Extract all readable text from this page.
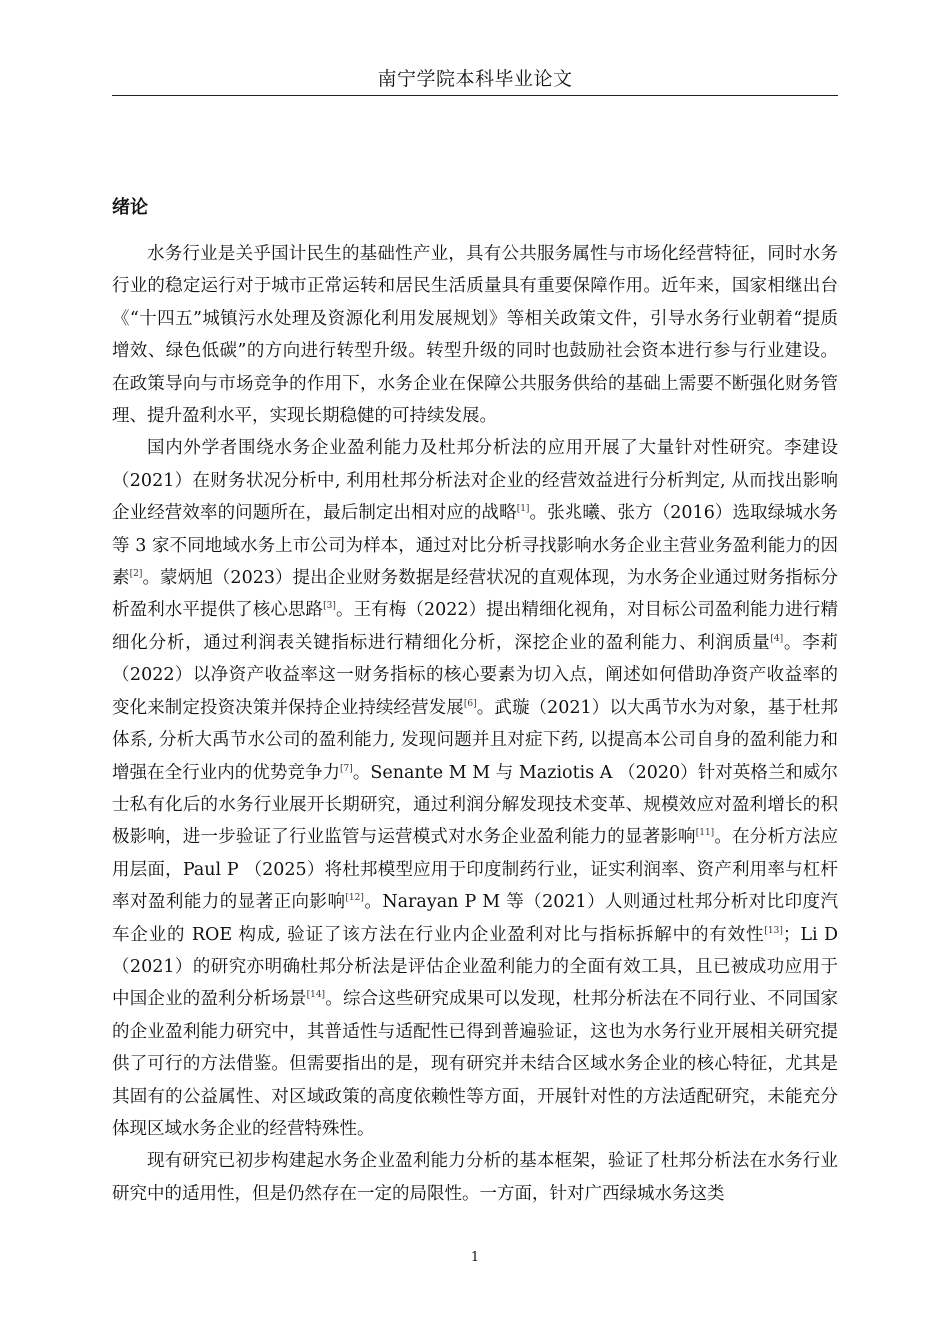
南宁学院本科毕业论文
绪论

水务行业是关乎国计民生的基础性产业，具有公共服务属性与市场化经营特征，同时水务行业的稳定运行对于城市正常运转和居民生活质量具有重要保障作用。近年来，国家相继出台《“十四五”城镇污水处理及资源化利用发展规划》等相关政策文件，引导水务行业朝着“提质增效、绿色低碳”的方向进行转型升级。转型升级的同时也鼓励社会资本进行参与行业建设。在政策导向与市场竞争的作用下，水务企业在保障公共服务供给的基础上需要不断强化财务管理、提升盈利水平，实现长期稳健的可持续发展。

国内外学者围绕水务企业盈利能力及杜邦分析法的应用开展了大量针对性研究。李建设（2021）在财务状况分析中, 利用杜邦分析法对企业的经营效益进行分析判定, 从而找出影响企业经营效率的问题所在，最后制定出相对应的战略[1]。张兆曦、张方（2016）选取绿城水务等 3 家不同地域水务上市公司为样本，通过对比分析寻找影响水务企业主营业务盈利能力的因素[2]。蒙炳旭（2023）提出企业财务数据是经营状况的直观体现，为水务企业通过财务指标分析盈利水平提供了核心思路[3]。王有梅（2022）提出精细化视角，对目标公司盈利能力进行精细化分析，通过利润表关键指标进行精细化分析，深挖企业的盈利能力、利润质量[4]。李莉（2022）以净资产收益率这一财务指标的核心要素为切入点，阐述如何借助净资产收益率的变化来制定投资决策并保持企业持续经营发展[6]。武璇（2021）以大禹节水为对象，基于杜邦体系, 分析大禹节水公司的盈利能力, 发现问题并且对症下药, 以提高本公司自身的盈利能力和增强在全行业内的优势竞争力[7]。Senante M M 与 Maziotis A （2020）针对英格兰和威尔士私有化后的水务行业展开长期研究，通过利润分解发现技术变革、规模效应对盈利增长的积极影响，进一步验证了行业监管与运营模式对水务企业盈利能力的显著影响[11]。在分析方法应用层面，Paul P （2025）将杜邦模型应用于印度制药行业，证实利润率、资产利用率与杠杆率对盈利能力的显著正向影响[12]。Narayan P M 等（2021）人则通过杜邦分析对比印度汽车企业的 ROE 构成, 验证了该方法在行业内企业盈利对比与指标拆解中的有效性[13]；Li D（2021）的研究亦明确杜邦分析法是评估企业盈利能力的全面有效工具，且已被成功应用于中国企业的盈利分析场景[14]。综合这些研究成果可以发现，杜邦分析法在不同行业、不同国家的企业盈利能力研究中，其普适性与适配性已得到普遍验证，这也为水务行业开展相关研究提供了可行的方法借鉴。但需要指出的是，现有研究并未结合区域水务企业的核心特征，尤其是其固有的公益属性、对区域政策的高度依赖性等方面，开展针对性的方法适配研究，未能充分体现区域水务企业的经营特殊性。

现有研究已初步构建起水务企业盈利能力分析的基本框架，验证了杜邦分析法在水务行业研究中的适用性，但是仍然存在一定的局限性。一方面，针对广西绿城水务这类

1
